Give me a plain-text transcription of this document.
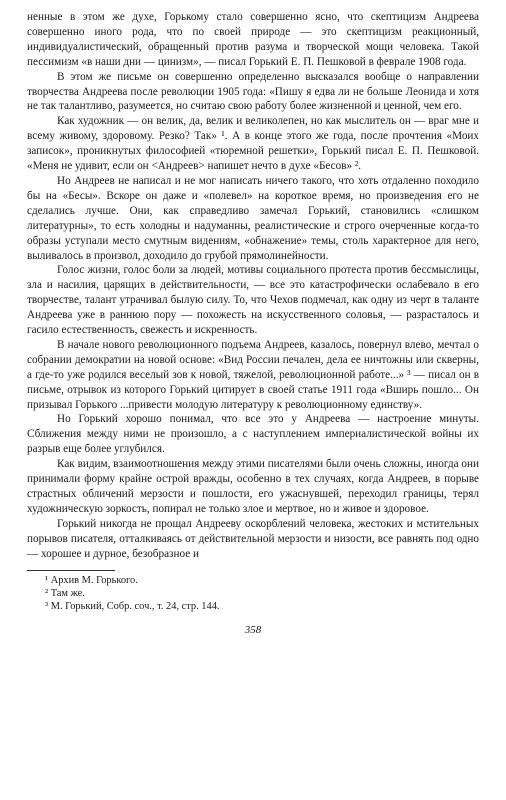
ненные в этом же духе, Горькому стало совершенно ясно, что скептицизм Андреева совершенно иного рода, что по своей природе — это скептицизм реакционный, индивидуалистический, обращенный против разума и творческой мощи человека. Такой пессимизм «в наши дни — цинизм», — писал Горький Е. П. Пешковой в феврале 1908 года.

В этом же письме он совершенно определенно высказался вообще о направлении творчества Андреева после революции 1905 года: «Пишу я едва ли не больше Леонида и хотя не так талантливо, разумеется, но считаю свою работу более жизненной и ценной, чем его.

Как художник — он велик, да, велик и великолепен, но как мыслитель он — враг мне и всему живому, здоровому. Резко? Так» ¹. А в конце этого же года, после прочтения «Моих записок», проникнутых философией «тюремной решетки», Горький писал Е. П. Пешковой. «Меня не удивит, если он <Андреев> напишет нечто в духе «Бесов» ².

Но Андреев не написал и не мог написать ничего такого, что хоть отдаленно походило бы на «Бесы». Вскоре он даже и «полевел» на короткое время, но произведения его не сделались лучше. Они, как справедливо замечал Горький, становились «слишком литературны», то есть холодны и надуманны, реалистические и строго очерченные когда-то образы уступали место смутным видениям, «обнажение» темы, столь характерное для него, выливалось в произвол, доходило до грубой прямолинейности.

Голос жизни, голос боли за людей, мотивы социального протеста против бессмыслицы, зла и насилия, царящих в действительности, — все это катастрофически ослабевало в его творчестве, талант утрачивал былую силу. То, что Чехов подмечал, как одну из черт в таланте Андреева уже в раннюю пору — похожесть на искусственного соловья, — разрасталось и гасило естественность, свежесть и искренность.

В начале нового революционного подъема Андреев, казалось, повернул влево, мечтал о собрании демократии на новой основе: «Вид России печален, дела ее ничтожны или скверны, а где-то уже родился веселый зов к новой, тяжелой, революционной работе...» ³ — писал он в письме, отрывок из которого Горький цитирует в своей статье 1911 года «Вширь пошло... Он призывал Горького ...привести молодую литературу к революционному единству».

Но Горький хорошо понимал, что все это у Андреева — настроение минуты. Сближения между ними не произошло, а с наступлением империалистической войны их разрыв еще более углубился.

Как видим, взаимоотношения между этими писателями были очень сложны, иногда они принимали форму крайне острой вражды, особенно в тех случаях, когда Андреев, в порыве страстных обличений мерзости и пошлости, его ужаснувшей, переходил границы, терял художническую зоркость, попирал не только злое и мертвое, но и живое и здоровое.

Горький никогда не прощал Андрееву оскорблений человека, жестоких и мстительных порывов писателя, отталкиваясь от действительной мерзости и низости, все равнять под одно — хорошее и дурное, безобразное и

¹ Архив М. Горького.

² Там же.

³ М. Горький, Собр. соч., т. 24, стр. 144.

358
